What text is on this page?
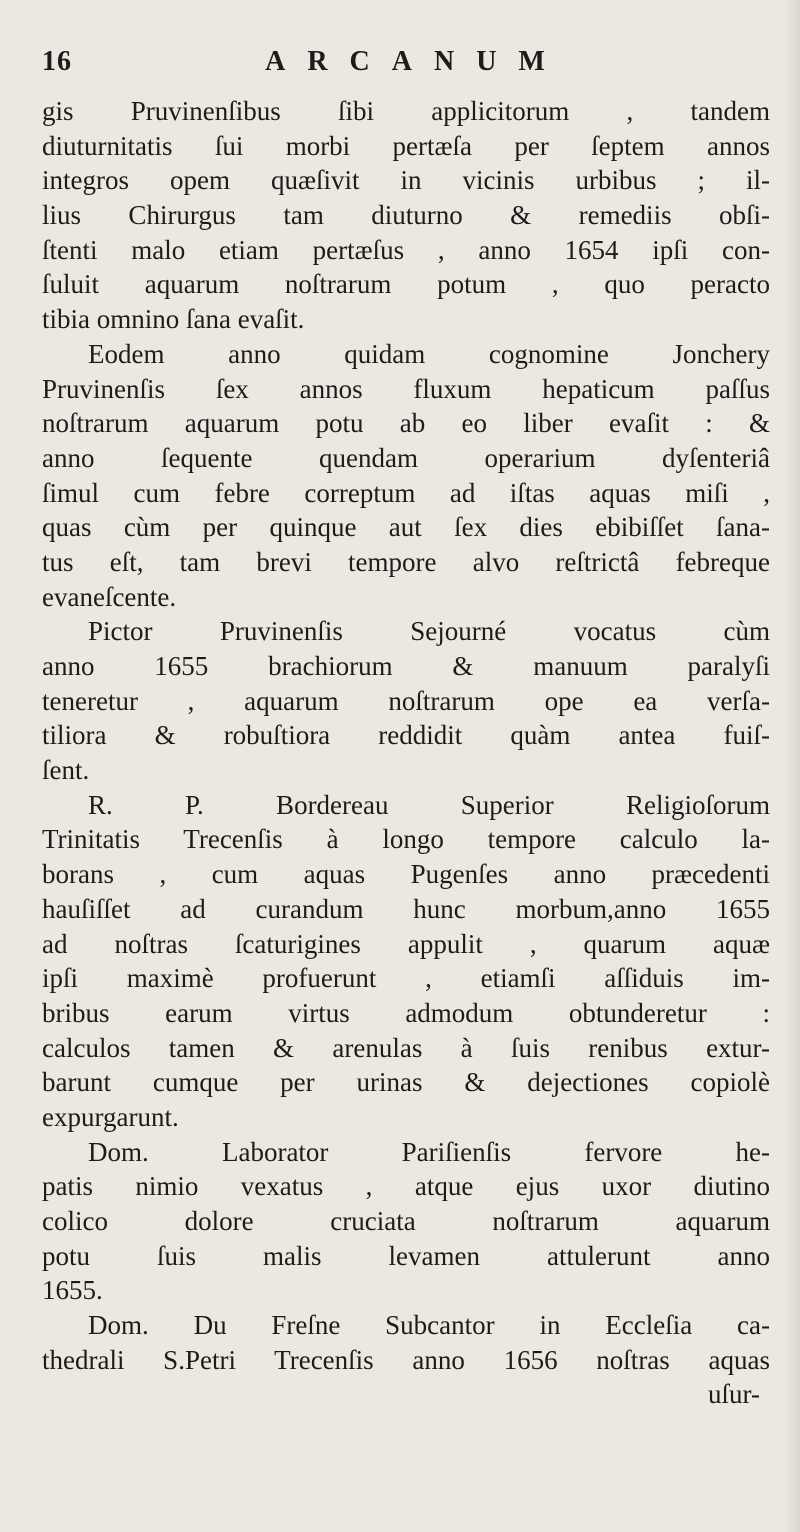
16	ARCANUM
gis Pruvinenſibus ſibi applicitorum , tandem
diuturnitatis ſui morbi pertæſa per ſeptem annos
integros opem quæſivit in vicinis urbibus ; il-
lius Chirurgus tam diuturno & remediis obſi-
ſtenti malo etiam pertæſus , anno 1654 ipſi con-
ſuluit aquarum noſtrarum potum , quo peracto
tibia omnino ſana evaſit.
Eodem anno quidam cognomine Jonchery
Pruvinenſis ſex annos fluxum hepaticum paſſus
noſtrarum aquarum potu ab eo liber evaſit : &
anno ſequente quendam operarium dyſenteriâ
ſimul cum febre correptum ad iſtas aquas miſi ,
quas cùm per quinque aut ſex dies ebibiſſet ſana-
tus eſt, tam brevi tempore alvo reſtrictâ febreque
evaneſcente.
Pictor Pruvinenſis Sejourné vocatus cùm
anno 1655 brachiorum & manuum paralyſi
teneretur , aquarum noſtrarum ope ea verſa-
tiliora & robuſtiora reddidit quàm antea fuiſ-
ſent.
R. P. Bordereau Superior Religioſorum
Trinitatis Trecenſis à longo tempore calculo la-
borans , cum aquas Pugenſes anno præcedenti
hauſiſſet ad curandum hunc morbum,anno 1655
ad noſtras ſcaturigines appulit , quarum aquæ
ipſi maximè profuerunt , etiamſi aſſiduis im-
bribus earum virtus admodum obtunderetur :
calculos tamen & arenulas à ſuis renibus extur-
barunt cumque per urinas & dejectiones copiolè
expurgarunt.
Dom. Laborator Pariſienſis fervore he-
patis nimio vexatus , atque ejus uxor diutino
colico dolore cruciata noſtrarum aquarum
potu ſuis malis levamen attulerunt anno
1655.
Dom. Du Freſne Subcantor in Eccleſia ca-
thedrali S.Petri Trecenſis anno 1656 noſtras aquas
uſur-
